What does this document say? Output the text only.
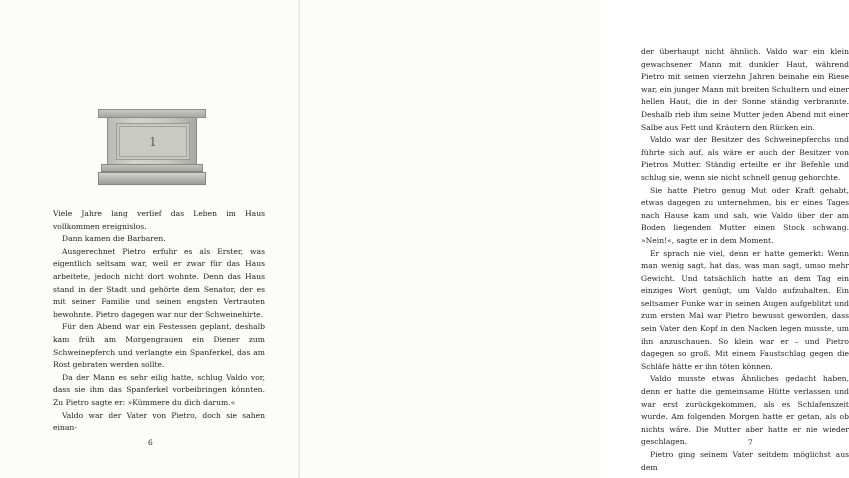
1

Viele Jahre lang verlief das Leben im Haus vollkommen ereignislos.

Dann kamen die Barbaren.

Ausgerechnet Pietro erfuhr es als Erster, was eigentlich seltsam war, weil er zwar für das Haus arbeitete, jedoch nicht dort wohnte. Denn das Haus stand in der Stadt und gehörte dem Senator, der es mit seiner Familie und seinen engsten Vertrauten bewohnte. Pietro dagegen war nur der Schweinehirte.

Für den Abend war ein Festessen geplant, deshalb kam früh am Morgengrauen ein Diener zum Schweinepferch und verlangte ein Spanferkel, das am Rost gebraten werden sollte.

Da der Mann es sehr eilig hatte, schlug Valdo vor, dass sie ihm das Spanferkel vorbeibringen könnten. Zu Pietro sagte er: »Kümmere du dich darum.«

Valdo war der Vater von Pietro, doch sie sahen einan-

6

der überhaupt nicht ähnlich. Valdo war ein klein gewachsener Mann mit dunkler Haut, während Pietro mit seinen vierzehn Jahren beinahe ein Riese war, ein junger Mann mit breiten Schultern und einer hellen Haut, die in der Sonne ständig verbrannte. Deshalb rieb ihm seine Mutter jeden Abend mit einer Salbe aus Fett und Kräutern den Rücken ein.

Valdo war der Besitzer des Schweinepferchs und führte sich auf, als wäre er auch der Besitzer von Pietros Mutter. Ständig erteilte er ihr Befehle und schlug sie, wenn sie nicht schnell genug gehorchte.

Sie hatte Pietro genug Mut oder Kraft gehabt, etwas dagegen zu unternehmen, bis er eines Tages nach Hause kam und sah, wie Valdo über der am Boden liegenden Mutter einen Stock schwang. »Nein!«, sagte er in dem Moment.

Er sprach nie viel, denn er hatte gemerkt: Wenn man wenig sagt, hat das, was man sagt, umso mehr Gewicht. Und tatsächlich hatte an dem Tag ein einziges Wort genügt, um Valdo aufzuhalten. Ein seltsamer Funke war in seinen Augen aufgeblitzt und zum ersten Mal war Pietro bewusst geworden, dass sein Vater den Kopf in den Nacken legen musste, um ihn anzuschauen. So klein war er – und Pietro dagegen so groß. Mit einem Faustschlag gegen die Schläfe hätte er ihn töten können.

Valdo musste etwas Ähnliches gedacht haben, denn er hatte die gemeinsame Hütte verlassen und war erst zurückgekommen, als es Schlafenszeit wurde. Am folgenden Morgen hatte er getan, als ob nichts wäre. Die Mutter aber hatte er nie wieder geschlagen.

Pietro ging seinem Vater seitdem möglichst aus dem

7
